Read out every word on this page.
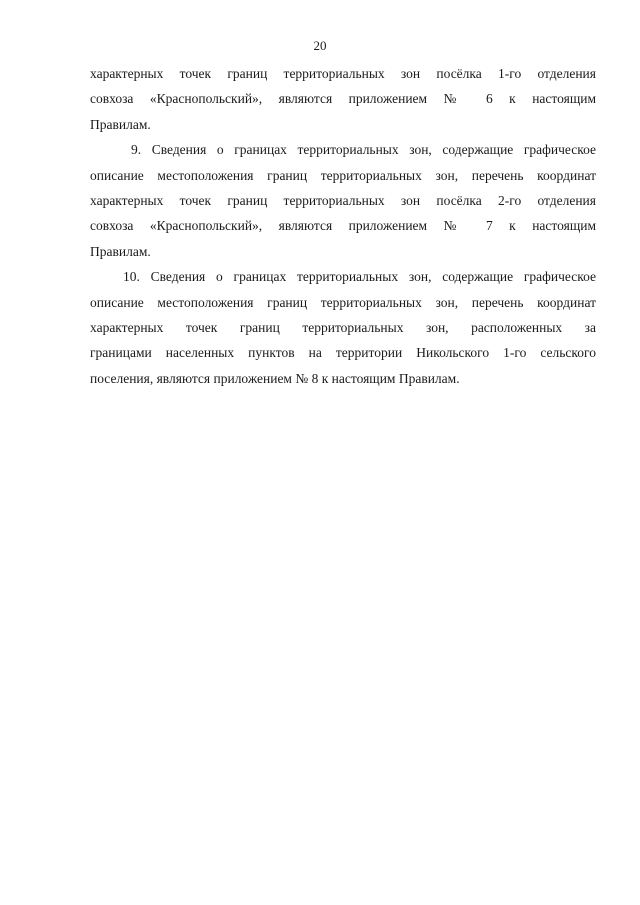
20
характерных точек границ территориальных зон посёлка 1-го отделения
совхоза «Краснопольский», являются приложением № 6 к настоящим
Правилам.
9. Сведения о границах территориальных зон, содержащие графическое
описание местоположения границ территориальных зон, перечень координат
характерных точек границ территориальных зон посёлка 2-го отделения
совхоза «Краснопольский», являются приложением № 7 к настоящим
Правилам.
10. Сведения о границах территориальных зон, содержащие графическое
описание местоположения границ территориальных зон, перечень координат
характерных точек границ территориальных зон, расположенных за
границами населенных пунктов на территории Никольского 1-го сельского
поселения, являются приложением № 8 к настоящим Правилам.
